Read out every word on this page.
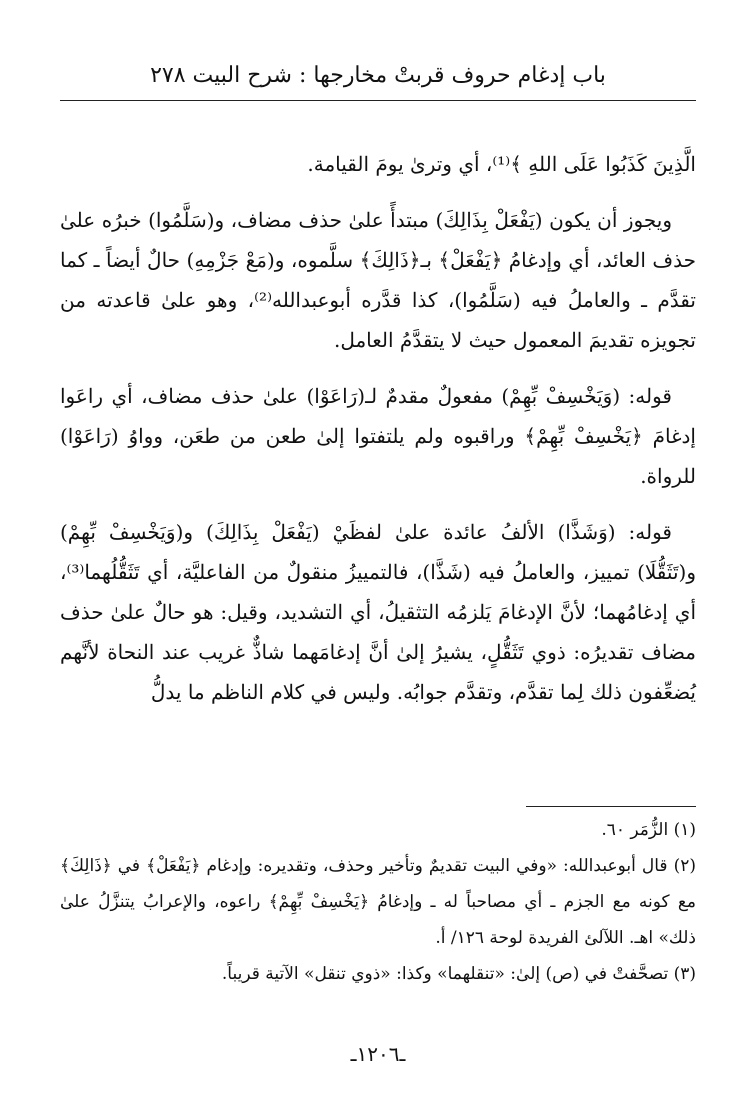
باب إدغام حروف قربتْ مخارجها : شرح البيت ٢٧٨

الَّذِينَ كَذَبُوا عَلَى اللهِ ﴾⁽¹⁾، أي وترىٰ يومَ القيامة.

ويجوز أن يكون (يَفْعَلْ بِذَالِكَ) مبتدأً علىٰ حذف مضاف، و(سَلَّمُوا) خبرُه علىٰ حذف العائد، أي وإدغامُ ﴿يَفْعَلْ﴾ بـ﴿ذَالِكَ﴾ سلَّموه، و(مَعْ جَزْمِهِ) حالٌ أيضاً ـ كما تقدَّم ـ والعاملُ فيه (سَلَّمُوا)، كذا قدَّره أبوعبدالله⁽²⁾، وهو علىٰ قاعدته من تجويزه تقديمَ المعمول حيث لا يتقدَّمُ العامل.

قوله: (وَيَخْسِفْ بِّهِمْ) مفعولٌ مقدمٌ لـ(رَاعَوْا) علىٰ حذف مضاف، أي راعَوا إدغامَ ﴿يَخْسِفْ بِّهِمْ﴾ وراقبوه ولم يلتفتوا إلىٰ طعن من طعَن، وواوُ (رَاعَوْا) للرواة.

قوله: (وَشَذَّا) الألفُ عائدة علىٰ لفظَيْ (يَفْعَلْ بِذَالِكَ) و(وَيَخْسِفْ بِّهِمْ) و(تَثَقُّلَا) تمييز، والعاملُ فيه (شَذَّا)، فالتمييزُ منقولٌ من الفاعليَّة، أي تَثَقُّلُهما⁽³⁾، أي إدغامُهما؛ لأنَّ الإدغامَ يَلزمُه التثقيلُ، أي التشديد، وقيل: هو حالٌ علىٰ حذف مضاف تقديرُه: ذوي تَثَقُّلٍ، يشيرُ إلىٰ أنَّ إدغامَهما شاذٌّ غريب عند النحاة لأنَّهم يُضعِّفون ذلك لِما تقدَّم، وتقدَّم جوابُه. وليس في كلام الناظم ما يدلُّ

(١) الزُّمَر ٦٠.

(٢) قال أبوعبدالله: «وفي البيت تقديمٌ وتأخير وحذف، وتقديره: وإدغام ﴿يَفْعَلْ﴾ في ﴿ذَالِكَ﴾ مع كونه مع الجزم ـ أي مصاحباً له ـ وإدغامُ ﴿يَخْسِفْ بِّهِمْ﴾ راعوه، والإعرابُ يتنزَّلُ علىٰ ذلك» اهـ. اللآلئ الفريدة لوحة ١٢٦/ أ.

(٣) تصحَّفتْ في (ص) إلىٰ: «تنقلهما» وكذا: «ذوي تنقل» الآتية قريباً.

ـ١٢٠٦ـ
